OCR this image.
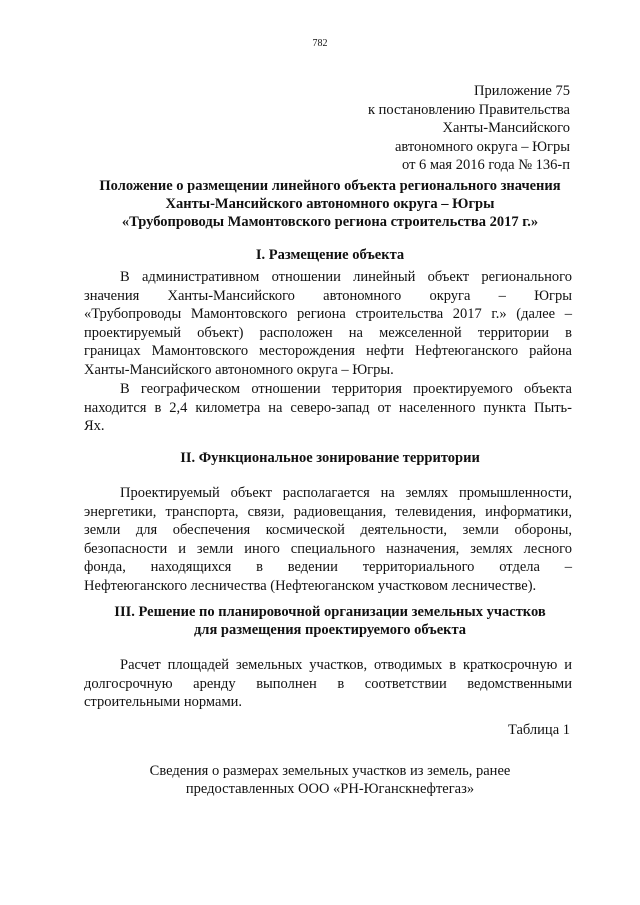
782
Приложение 75
к постановлению Правительства
Ханты-Мансийского
автономного округа – Югры
от 6 мая 2016 года № 136-п
Положение о размещении линейного объекта регионального значения
Ханты-Мансийского автономного округа – Югры
«Трубопроводы Мамонтовского региона строительства 2017 г.»
I. Размещение объекта
В административном отношении линейный объект регионального
значения Ханты-Мансийского автономного округа – Югры
«Трубопроводы Мамонтовского региона строительства 2017 г.» (далее –
проектируемый объект) расположен на межселенной территории в
границах Мамонтовского месторождения нефти Нефтеюганского района
Ханты-Мансийского автономного округа – Югры.
В географическом отношении территория проектируемого объекта
находится в 2,4 километра на северо-запад от населенного пункта Пыть-
Ях.
II. Функциональное зонирование территории
Проектируемый объект располагается на землях промышленности,
энергетики, транспорта, связи, радиовещания, телевидения, информатики,
земли для обеспечения космической деятельности, земли обороны,
безопасности и земли иного специального назначения, землях лесного
фонда, находящихся в ведении территориального отдела –
Нефтеюганского лесничества (Нефтеюганском участковом лесничестве).
III. Решение по планировочной организации земельных участков
для размещения проектируемого объекта
Расчет площадей земельных участков, отводимых в краткосрочную и
долгосрочную аренду выполнен в соответствии ведомственными
строительными нормами.
Таблица 1
Сведения о размерах земельных участков из земель, ранее
предоставленных ООО «РН-Юганскнефтегаз»
